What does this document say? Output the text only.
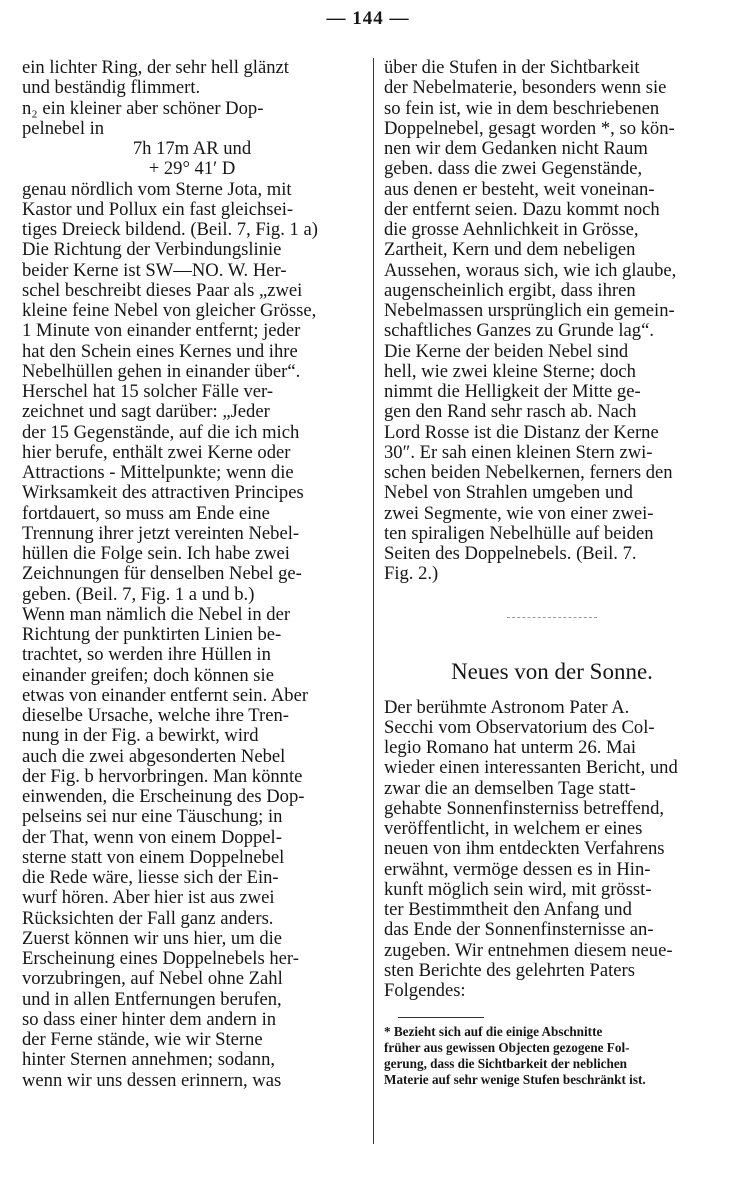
— 144 —
ein lichter Ring, der sehr hell glänzt
und beständig flimmert.
n₂ ein kleiner aber schöner Dop-
pelnebel in
7h 17m AR und
+ 29° 41′ D
genau nördlich vom Sterne Jota, mit
Kastor und Pollux ein fast gleichsei-
tiges Dreieck bildend. (Beil. 7, Fig. 1 a)
Die Richtung der Verbindungslinie
beider Kerne ist SW—NO. W. Her-
schel beschreibt dieses Paar als „zwei
kleine feine Nebel von gleicher Grösse,
1 Minute von einander entfernt; jeder
hat den Schein eines Kernes und ihre
Nebelhüllen gehen in einander über“.
Herschel hat 15 solcher Fälle ver-
zeichnet und sagt darüber: „Jeder
der 15 Gegenstände, auf die ich mich
hier berufe, enthält zwei Kerne oder
Attractions - Mittelpunkte; wenn die
Wirksamkeit des attractiven Principes
fortdauert, so muss am Ende eine
Trennung ihrer jetzt vereinten Nebel-
hüllen die Folge sein. Ich habe zwei
Zeichnungen für denselben Nebel ge-
geben. (Beil. 7, Fig. 1 a und b.)
Wenn man nämlich die Nebel in der
Richtung der punktirten Linien be-
trachtet, so werden ihre Hüllen in
einander greifen; doch können sie
etwas von einander entfernt sein. Aber
dieselbe Ursache, welche ihre Tren-
nung in der Fig. a bewirkt, wird
auch die zwei abgesonderten Nebel
der Fig. b hervorbringen. Man könnte
einwenden, die Erscheinung des Dop-
pelseins sei nur eine Täuschung; in
der That, wenn von einem Doppel-
sterne statt von einem Doppelnebel
die Rede wäre, liesse sich der Ein-
wurf hören. Aber hier ist aus zwei
Rücksichten der Fall ganz anders.
Zuerst können wir uns hier, um die
Erscheinung eines Doppelnebels her-
vorzubringen, auf Nebel ohne Zahl
und in allen Entfernungen berufen,
so dass einer hinter dem andern in
der Ferne stände, wie wir Sterne
hinter Sternen annehmen; sodann,
wenn wir uns dessen erinnern, was
über die Stufen in der Sichtbarkeit
der Nebelmaterie, besonders wenn sie
so fein ist, wie in dem beschriebenen
Doppelnebel, gesagt worden *, so kön-
nen wir dem Gedanken nicht Raum
geben. dass die zwei Gegenstände,
aus denen er besteht, weit voneinan-
der entfernt seien. Dazu kommt noch
die grosse Aehnlichkeit in Grösse,
Zartheit, Kern und dem nebeligen
Aussehen, woraus sich, wie ich glaube,
augenscheinlich ergibt, dass ihren
Nebelmassen ursprünglich ein gemein-
schaftliches Ganzes zu Grunde lag“.
Die Kerne der beiden Nebel sind
hell, wie zwei kleine Sterne; doch
nimmt die Helligkeit der Mitte ge-
gen den Rand sehr rasch ab. Nach
Lord Rosse ist die Distanz der Kerne
30″. Er sah einen kleinen Stern zwi-
schen beiden Nebelkernen, ferners den
Nebel von Strahlen umgeben und
zwei Segmente, wie von einer zwei-
ten spiraligen Nebelhülle auf beiden
Seiten des Doppelnebels. (Beil. 7.
Fig. 2.)
Neues von der Sonne.
Der berühmte Astronom Pater A.
Secchi vom Observatorium des Col-
legio Romano hat unterm 26. Mai
wieder einen interessanten Bericht, und
zwar die an demselben Tage statt-
gehabte Sonnenfinsterniss betreffend,
veröffentlicht, in welchem er eines
neuen von ihm entdeckten Verfahrens
erwähnt, vermöge dessen es in Hin-
kunft möglich sein wird, mit grösst-
ter Bestimmtheit den Anfang und
das Ende der Sonnenfinsternisse an-
zugeben. Wir entnehmen diesem neue-
sten Berichte des gelehrten Paters
Folgendes:
* Bezieht sich auf die einige Abschnitte
früher aus gewissen Objecten gezogene Fol-
gerung, dass die Sichtbarkeit der neblichen
Materie auf sehr wenige Stufen beschränkt ist.
